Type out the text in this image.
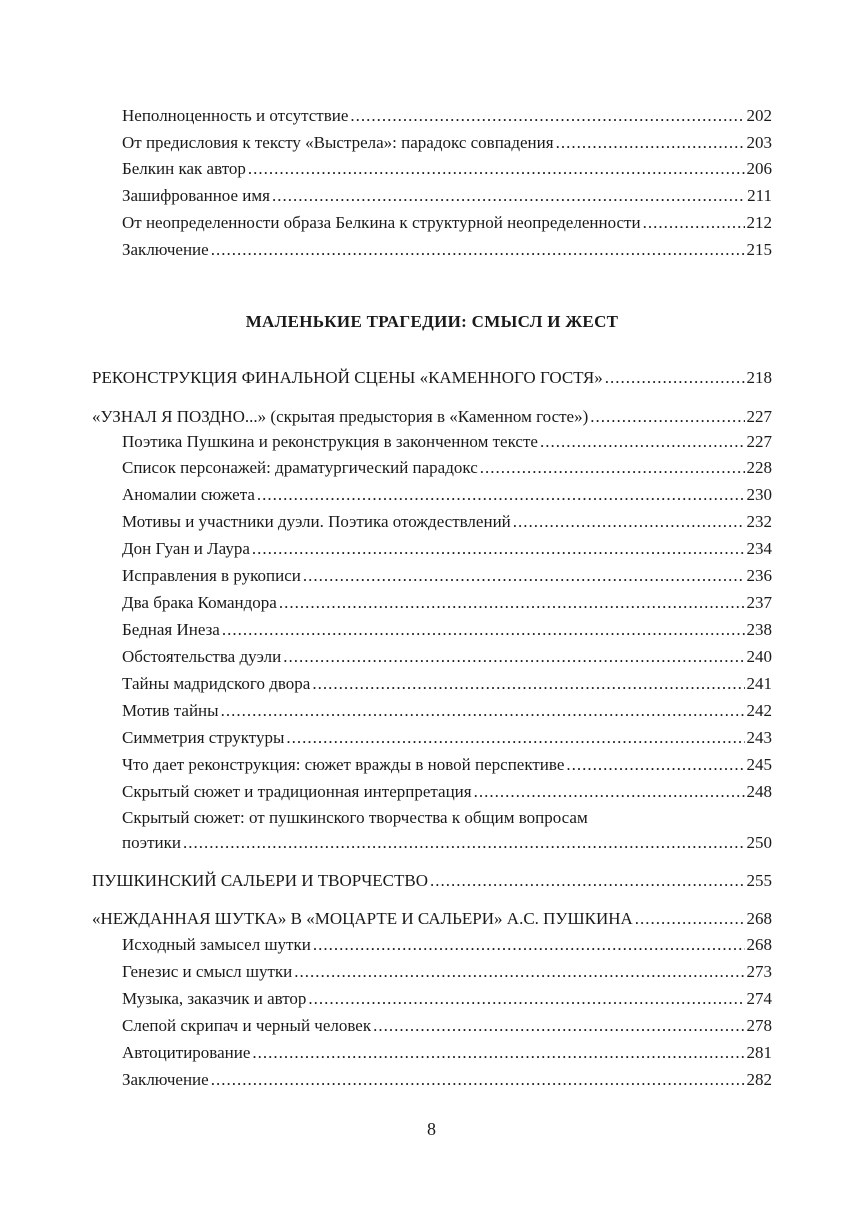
Неполноценность и отсутствие .....	202
От предисловия к тексту «Выстрела»: парадокс совпадения .....	203
Белкин как автор .....	206
Зашифрованное имя .....	211
От неопределенности образа Белкина к структурной неопределенности .....	212
Заключение .....	215
МАЛЕНЬКИЕ ТРАГЕДИИ: СМЫСЛ И ЖЕСТ
РЕКОНСТРУКЦИЯ ФИНАЛЬНОЙ СЦЕНЫ «КАМЕННОГО ГОСТЯ» .....	218
«УЗНАЛ Я ПОЗДНО...» (скрытая предыстория в «Каменном госте») .....	227
Поэтика Пушкина и реконструкция в законченном тексте .....	227
Список персонажей: драматургический парадокс .....	228
Аномалии сюжета .....	230
Мотивы и участники дуэли. Поэтика отождествлений .....	232
Дон Гуан и Лаура .....	234
Исправления в рукописи .....	236
Два брака Командора .....	237
Бедная Инеза .....	238
Обстоятельства дуэли .....	240
Тайны мадридского двора .....	241
Мотив тайны .....	242
Симметрия структуры .....	243
Что дает реконструкция: сюжет вражды в новой перспективе .....	245
Скрытый сюжет и традиционная интерпретация .....	248
Скрытый сюжет: от пушкинского творчества к общим вопросам
поэтики .....	250
ПУШКИНСКИЙ САЛЬЕРИ И ТВОРЧЕСТВО .....	255
«НЕЖДАННАЯ ШУТКА» В «МОЦАРТЕ И САЛЬЕРИ» А.С. ПУШКИНА .....	268
Исходный замысел шутки .....	268
Генезис и смысл шутки .....	273
Музыка, заказчик и автор .....	274
Слепой скрипач и черный человек .....	278
Автоцитирование .....	281
Заключение .....	282
8
